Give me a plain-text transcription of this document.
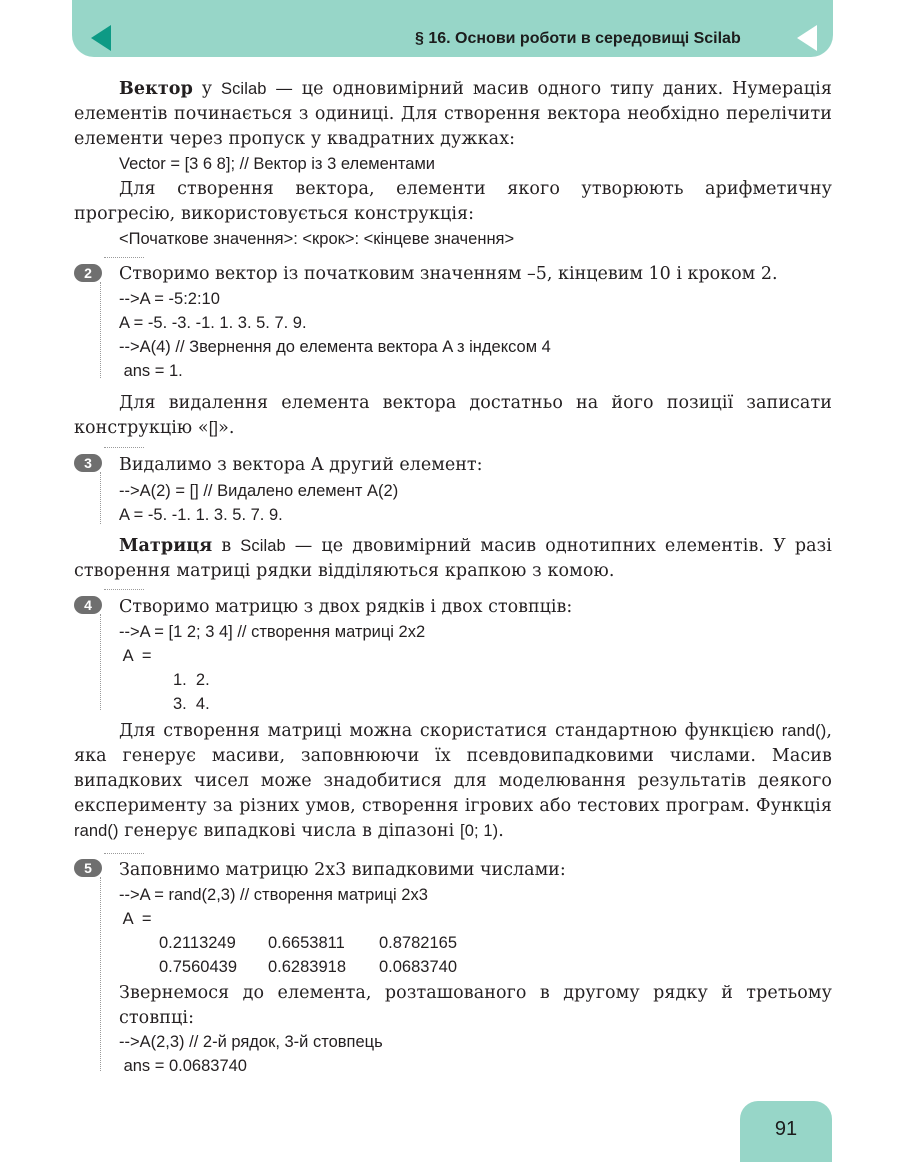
§ 16. Основи роботи в середовищі Scilab
Вектор у Scilab — це одновимірний масив одного типу даних. Нумерація елементів починається з одиниці. Для створення вектора необхідно перелічити елементи через пропуск у квадратних дужках:
Vector = [3 6 8]; // Вектор із 3 елементами
Для створення вектора, елементи якого утворюють арифметичну прогресію, використовується конструкція:
<Початкове значення>: <крок>: <кінцеве значення>
2	Створимо вектор із початковим значенням –5, кінцевим 10 і кроком 2.
-->A = -5:2:10
A = -5. -3. -1. 1. 3. 5. 7. 9.
-->A(4) // Звернення до елемента вектора A з індексом 4
ans = 1.
Для видалення елемента вектора достатньо на його позиції записати конструкцію «[]».
3	Видалимо з вектора A другий елемент:
-->A(2) = [] // Видалено елемент A(2)
A = -5. -1. 1. 3. 5. 7. 9.
Матриця в Scilab — це двовимірний масив однотипних елементів. У разі створення матриці рядки відділяються крапкою з комою.
4	Створимо матрицю з двох рядків і двох стовпців:
-->A = [1 2; 3 4] // створення матриці 2x2
A  =
1.  2.
3.  4.
Для створення матриці можна скористатися стандартною функцією rand(), яка генерує масиви, заповнюючи їх псевдовипадковими числами. Масив випадкових чисел може знадобитися для моделювання результатів деякого експерименту за різних умов, створення ігрових або тестових програм. Функція rand() генерує випадкові числа в діпазоні [0; 1).
5	Заповнимо матрицю 2x3 випадковими числами:
-->A = rand(2,3) // створення матриці 2x3
A  =
0.2113249 0.6653811 0.8782165
0.7560439 0.6283918 0.0683740
Звернемося до елемента, розташованого в другому рядку й третьому стовпці:
-->A(2,3) // 2-й рядок, 3-й стовпець
ans = 0.0683740
91
